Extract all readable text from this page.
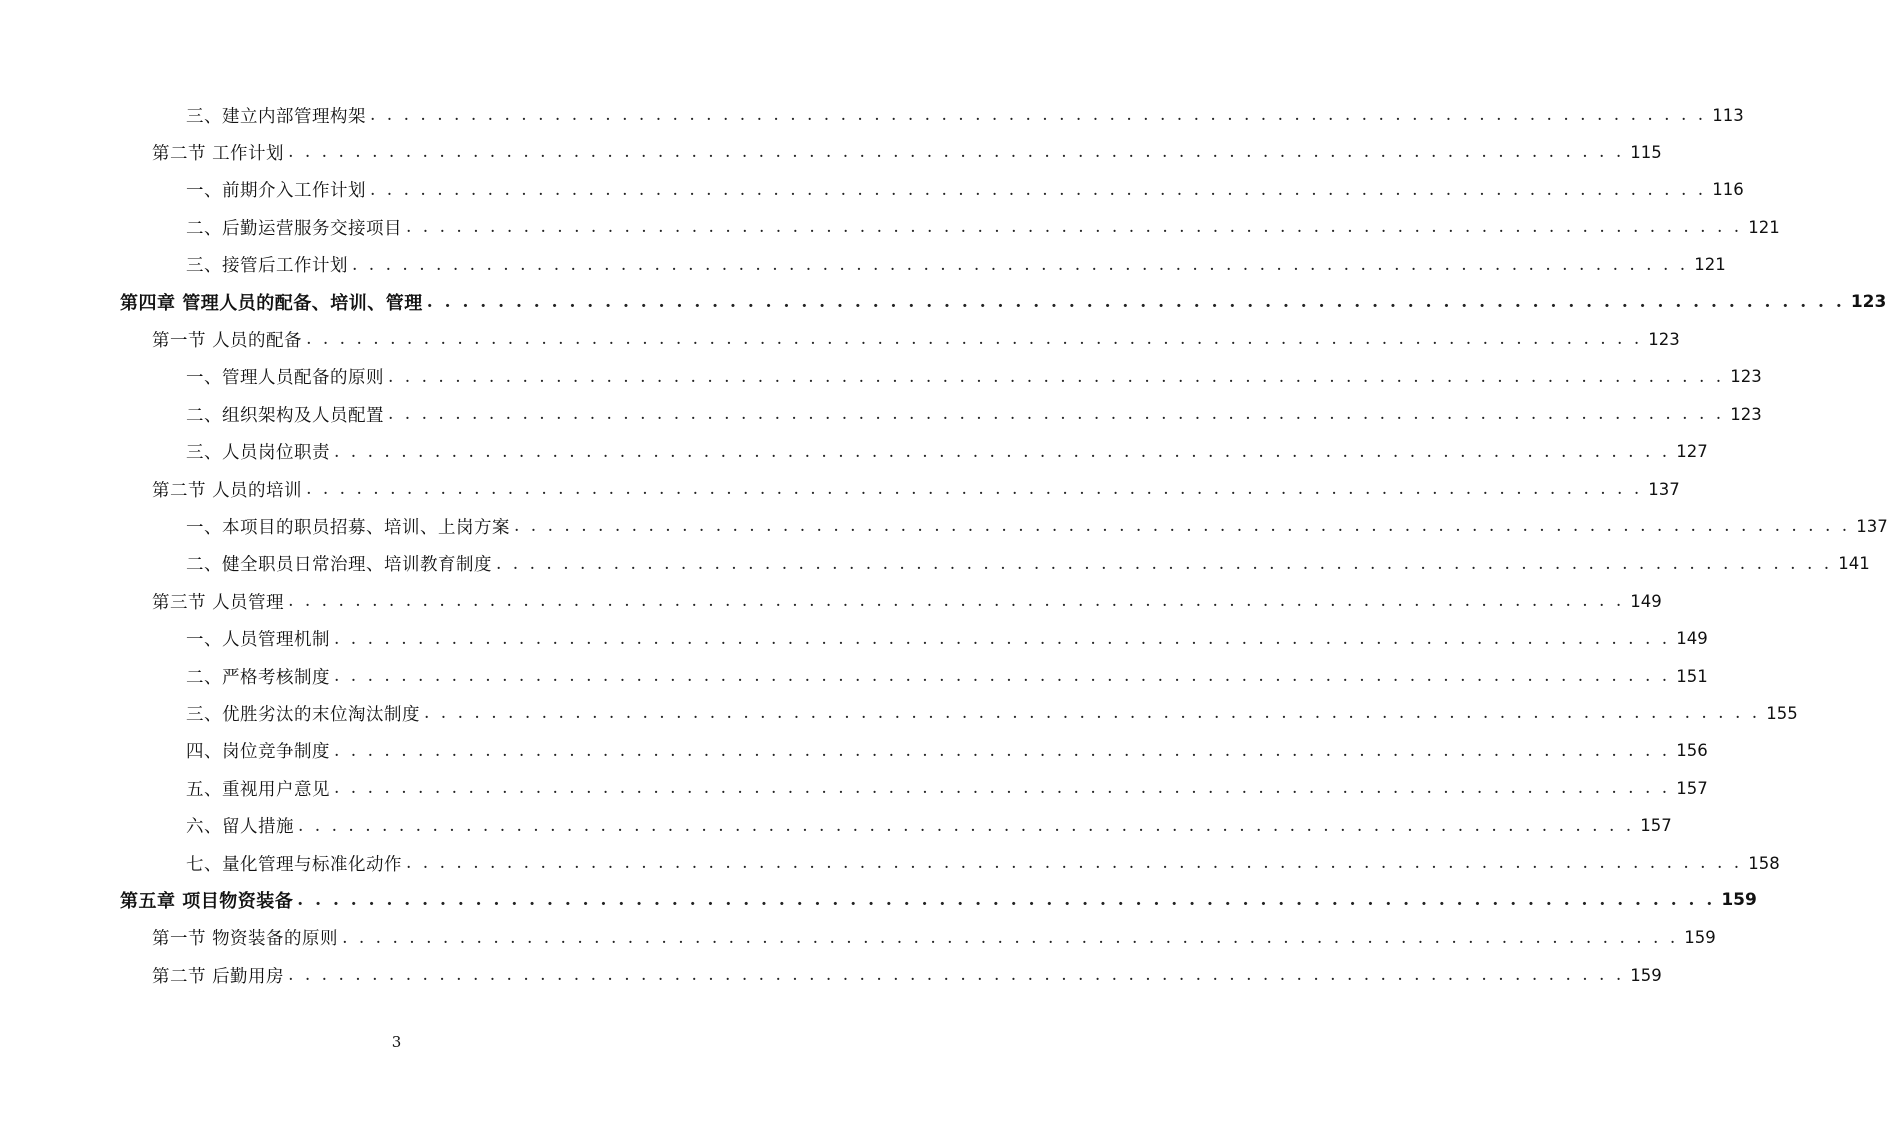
三、建立内部管理构架 . . . . . . . . . . . . . . . . . . . . . . . . . . . . . . . . . . . . . . . . . . . . . . . . . . . . . . . . . . . . . . . . . . . . . . . . . . . . . . . . 113
第二节 工作计划 . . . . . . . . . . . . . . . . . . . . . . . . . . . . . . . . . . . . . . . . . . . . . . . . . . . . . . . . . . . . . . . . . . . . . . . . . . . . . . . . 115
一、前期介入工作计划 . . . . . . . . . . . . . . . . . . . . . . . . . . . . . . . . . . . . . . . . . . . . . . . . . . . . . . . . . . . . . . . . . . . . . . . . . . . . . . . . 116
二、后勤运营服务交接项目 . . . . . . . . . . . . . . . . . . . . . . . . . . . . . . . . . . . . . . . . . . . . . . . . . . . . . . . . . . . . . . . . . . . . . . . . . . . . . . . . 121
三、接管后工作计划 . . . . . . . . . . . . . . . . . . . . . . . . . . . . . . . . . . . . . . . . . . . . . . . . . . . . . . . . . . . . . . . . . . . . . . . . . . . . . . . . 121
第四章 管理人员的配备、培训、管理 . . . . . . . . . . . . . . . . . . . . . . . . . . . . . . . . . . . . . . . . . . . . . . . . . . . . . . . . . . . . . . . . . . . . . . . . . . . . . . . . 123
第一节 人员的配备 . . . . . . . . . . . . . . . . . . . . . . . . . . . . . . . . . . . . . . . . . . . . . . . . . . . . . . . . . . . . . . . . . . . . . . . . . . . . . . . . 123
一、管理人员配备的原则 . . . . . . . . . . . . . . . . . . . . . . . . . . . . . . . . . . . . . . . . . . . . . . . . . . . . . . . . . . . . . . . . . . . . . . . . . . . . . . . . 123
二、组织架构及人员配置 . . . . . . . . . . . . . . . . . . . . . . . . . . . . . . . . . . . . . . . . . . . . . . . . . . . . . . . . . . . . . . . . . . . . . . . . . . . . . . . . 123
三、人员岗位职责 . . . . . . . . . . . . . . . . . . . . . . . . . . . . . . . . . . . . . . . . . . . . . . . . . . . . . . . . . . . . . . . . . . . . . . . . . . . . . . . . 127
第二节 人员的培训 . . . . . . . . . . . . . . . . . . . . . . . . . . . . . . . . . . . . . . . . . . . . . . . . . . . . . . . . . . . . . . . . . . . . . . . . . . . . . . . . 137
一、本项目的职员招募、培训、上岗方案 . . . . . . . . . . . . . . . . . . . . . . . . . . . . . . . . . . . . . . . . . . . . . . . . . . . . . . . . . . . . . . . . . . . . . . . . . . . . . . . . 137
二、健全职员日常治理、培训教育制度 . . . . . . . . . . . . . . . . . . . . . . . . . . . . . . . . . . . . . . . . . . . . . . . . . . . . . . . . . . . . . . . . . . . . . . . . . . . . . . . . 141
第三节 人员管理 . . . . . . . . . . . . . . . . . . . . . . . . . . . . . . . . . . . . . . . . . . . . . . . . . . . . . . . . . . . . . . . . . . . . . . . . . . . . . . . . 149
一、人员管理机制 . . . . . . . . . . . . . . . . . . . . . . . . . . . . . . . . . . . . . . . . . . . . . . . . . . . . . . . . . . . . . . . . . . . . . . . . . . . . . . . . 149
二、严格考核制度 . . . . . . . . . . . . . . . . . . . . . . . . . . . . . . . . . . . . . . . . . . . . . . . . . . . . . . . . . . . . . . . . . . . . . . . . . . . . . . . . 151
三、优胜劣汰的末位淘汰制度 . . . . . . . . . . . . . . . . . . . . . . . . . . . . . . . . . . . . . . . . . . . . . . . . . . . . . . . . . . . . . . . . . . . . . . . . . . . . . . . . 155
四、岗位竞争制度 . . . . . . . . . . . . . . . . . . . . . . . . . . . . . . . . . . . . . . . . . . . . . . . . . . . . . . . . . . . . . . . . . . . . . . . . . . . . . . . . 156
五、重视用户意见 . . . . . . . . . . . . . . . . . . . . . . . . . . . . . . . . . . . . . . . . . . . . . . . . . . . . . . . . . . . . . . . . . . . . . . . . . . . . . . . . 157
六、留人措施 . . . . . . . . . . . . . . . . . . . . . . . . . . . . . . . . . . . . . . . . . . . . . . . . . . . . . . . . . . . . . . . . . . . . . . . . . . . . . . . . 157
七、量化管理与标准化动作 . . . . . . . . . . . . . . . . . . . . . . . . . . . . . . . . . . . . . . . . . . . . . . . . . . . . . . . . . . . . . . . . . . . . . . . . . . . . . . . . 158
第五章 项目物资装备 . . . . . . . . . . . . . . . . . . . . . . . . . . . . . . . . . . . . . . . . . . . . . . . . . . . . . . . . . . . . . . . . . . . . . . . . . . . . . . . . 159
第一节 物资装备的原则 . . . . . . . . . . . . . . . . . . . . . . . . . . . . . . . . . . . . . . . . . . . . . . . . . . . . . . . . . . . . . . . . . . . . . . . . . . . . . . . . 159
第二节 后勤用房 . . . . . . . . . . . . . . . . . . . . . . . . . . . . . . . . . . . . . . . . . . . . . . . . . . . . . . . . . . . . . . . . . . . . . . . . . . . . . . . . 159
3
